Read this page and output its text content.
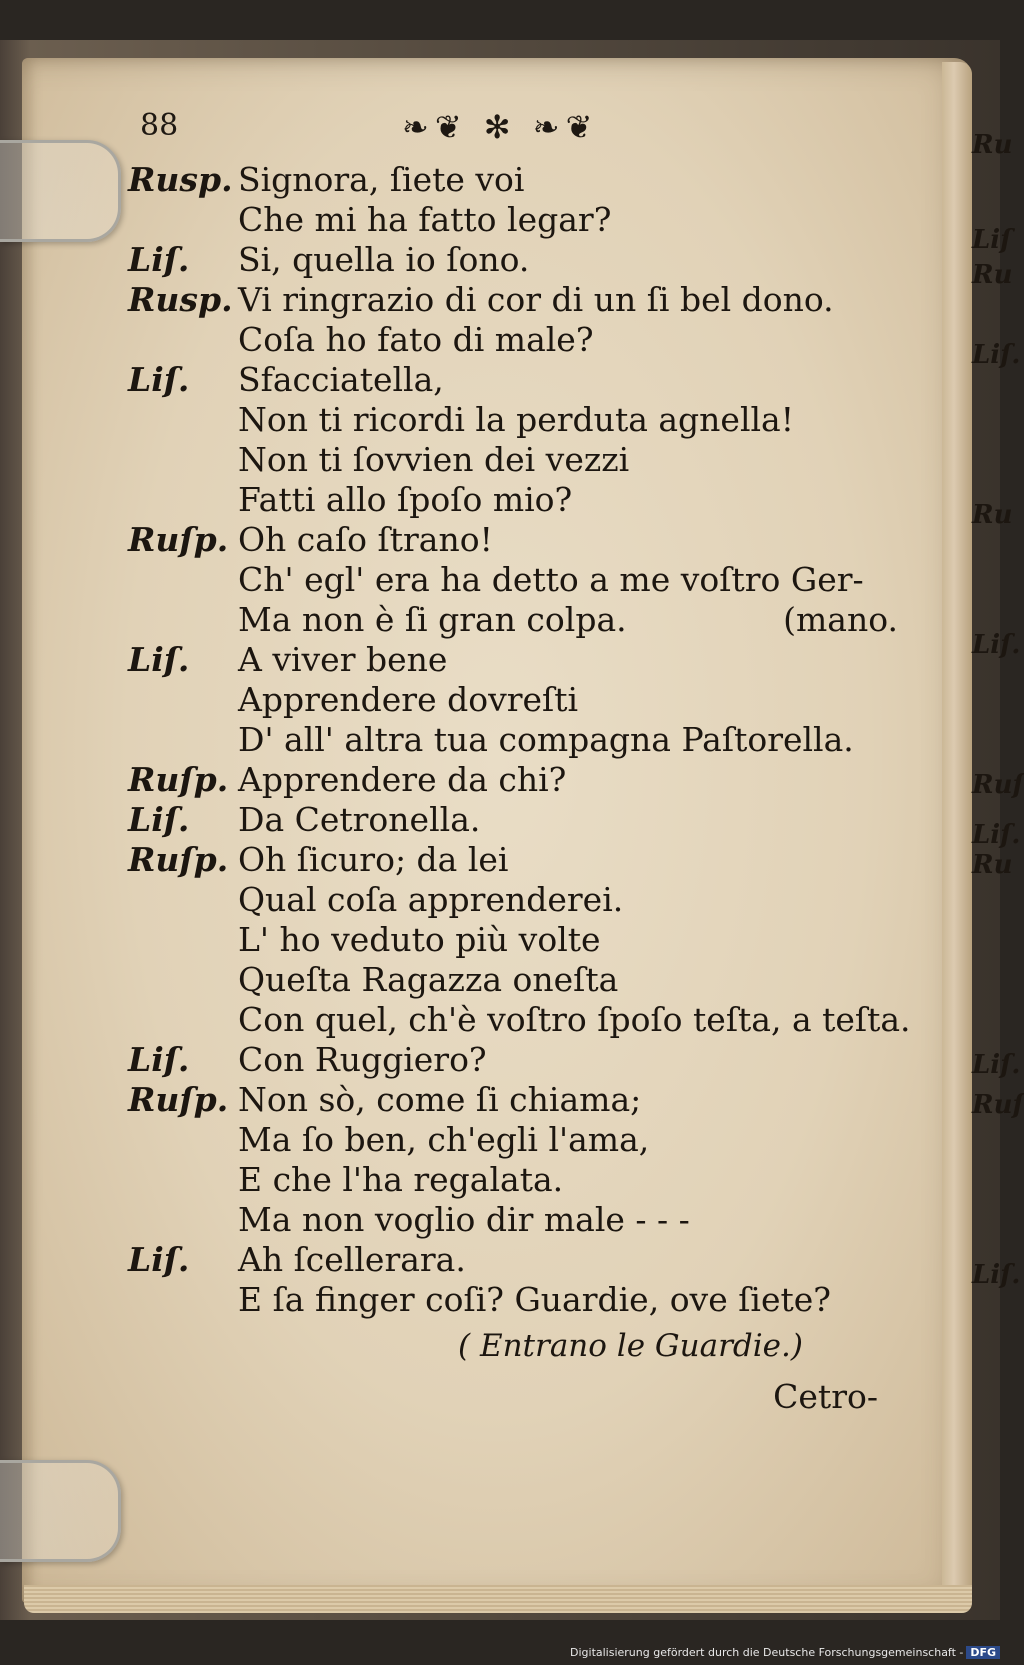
88	❧❦ ✻ ❧❦
Rusp. Signora, ſiete voi
Che mi ha fatto legar?
Liſ. Si, quella io ſono.
Rusp. Vi ringrazio di cor di un ſi bel dono.
Coſa ho fato di male?
Liſ. Sfacciatella,
Non ti ricordi la perduta agnella!
Non ti ſovvien dei vezzi
Fatti allo ſpoſo mio?
Ruſp. Oh caſo ſtrano!
Ch' egl' era ha detto a me voſtro Ger-
Ma non è ſi gran colpa.	(mano.
Liſ. A viver bene
Apprendere dovreſti
D' all' altra tua compagna Paſtorella.
Ruſp. Apprendere da chi?
Liſ. Da Cetronella.
Ruſp. Oh ſicuro; da lei
Qual coſa apprenderei.
L' ho veduto più volte
Queſta Ragazza oneſta
Con quel, ch'è voſtro ſpoſo teſta, a teſta.
Liſ. Con Ruggiero?
Ruſp. Non sò, come ſi chiama;
Ma ſo ben, ch'egli l'ama,
E che l'ha regalata.
Ma non voglio dir male - - -
Liſ. Ah ſcellerara.
E ſa finger coſi? Guardie, ove ſiete?
( Entrano le Guardie.)
Cetro-
Ru
Liſ
Ru
Liſ.
Ru
Liſ.
Ruſ
Liſ.
Ru
Liſ.
Ruſ
Liſ.
Digitalisierung gefördert durch die Deutsche Forschungsgemeinschaft - DFG
